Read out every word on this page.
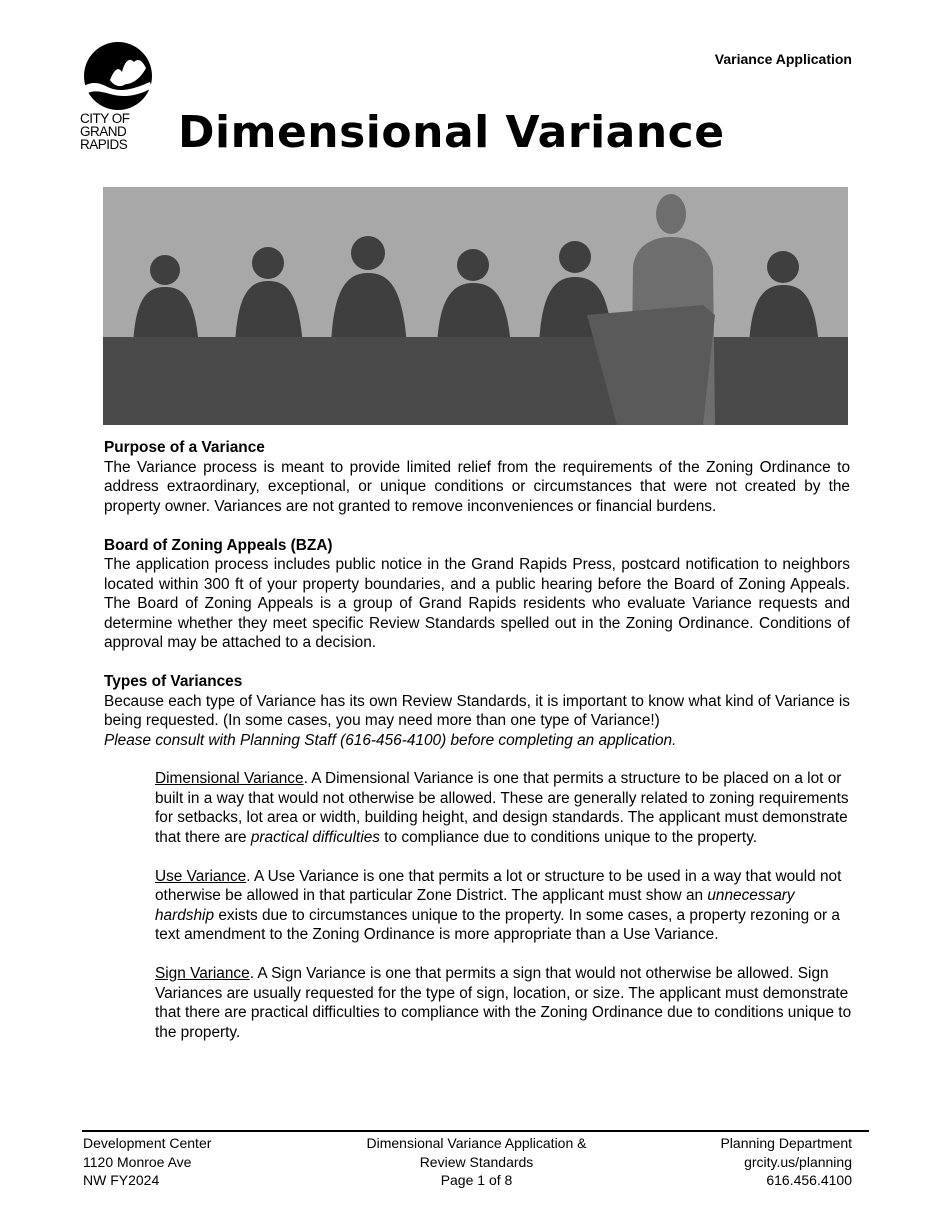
Variance Application
CITY OF
GRAND
RAPIDS	Dimensional Variance
Purpose of a Variance

The Variance process is meant to provide limited relief from the requirements of the Zoning Ordinance to address extraordinary, exceptional, or unique conditions or circumstances that were not created by the property owner. Variances are not granted to remove inconveniences or financial burdens.

Board of Zoning Appeals (BZA)

The application process includes public notice in the Grand Rapids Press, postcard notification to neighbors located within 300 ft of your property boundaries, and a public hearing before the Board of Zoning Appeals. The Board of Zoning Appeals is a group of Grand Rapids residents who evaluate Variance requests and determine whether they meet specific Review Standards spelled out in the Zoning Ordinance. Conditions of approval may be attached to a decision.

Types of Variances

Because each type of Variance has its own Review Standards, it is important to know what kind of Variance is being requested. (In some cases, you may need more than one type of Variance!)
Please consult with Planning Staff (616-456-4100) before completing an application.

Dimensional Variance. A Dimensional Variance is one that permits a structure to be placed on a lot or built in a way that would not otherwise be allowed. These are generally related to zoning requirements for setbacks, lot area or width, building height, and design standards. The applicant must demonstrate that there are practical difficulties to compliance due to conditions unique to the property.

Use Variance. A Use Variance is one that permits a lot or structure to be used in a way that would not otherwise be allowed in that particular Zone District. The applicant must show an unnecessary hardship exists due to circumstances unique to the property. In some cases, a property rezoning or a text amendment to the Zoning Ordinance is more appropriate than a Use Variance.

Sign Variance. A Sign Variance is one that permits a sign that would not otherwise be allowed. Sign Variances are usually requested for the type of sign, location, or size. The applicant must demonstrate that there are practical difficulties to compliance with the Zoning Ordinance due to conditions unique to the property.

Development Center
1120 Monroe Ave
NW FY2024
Dimensional Variance Application &
Review Standards
Page 1 of 8
Planning Department
grcity.us/planning
616.456.4100
